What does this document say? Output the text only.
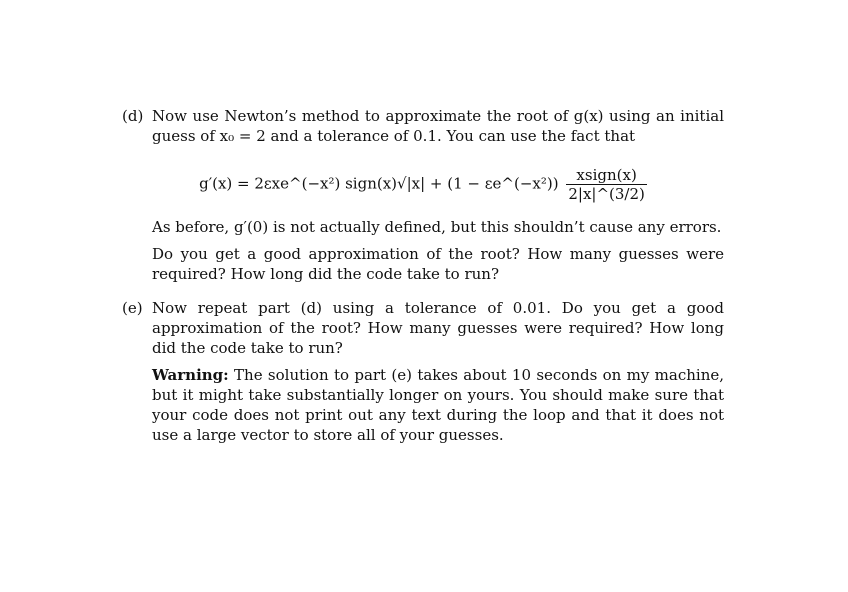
(d) Now use Newton’s method to approximate the root of g(x) using an initial guess of x₀ = 2 and a tolerance of 0.1. You can use the fact that

g′(x) = 2εxe^(−x²) sign(x)√|x| + (1 − εe^(−x²)) $\frac{\text{xsign(x)}}{2|x|\^{}(3/2)}$

As before, g′(0) is not actually defined, but this shouldn’t cause any errors.

Do you get a good approximation of the root? How many guesses were required? How long did the code take to run?

(e) Now repeat part (d) using a tolerance of 0.01. Do you get a good approximation of the root? How many guesses were required? How long did the code take to run?

Warning: The solution to part (e) takes about 10 seconds on my machine, but it might take substantially longer on yours. You should make sure that your code does not print out any text during the loop and that it does not use a large vector to store all of your guesses.
